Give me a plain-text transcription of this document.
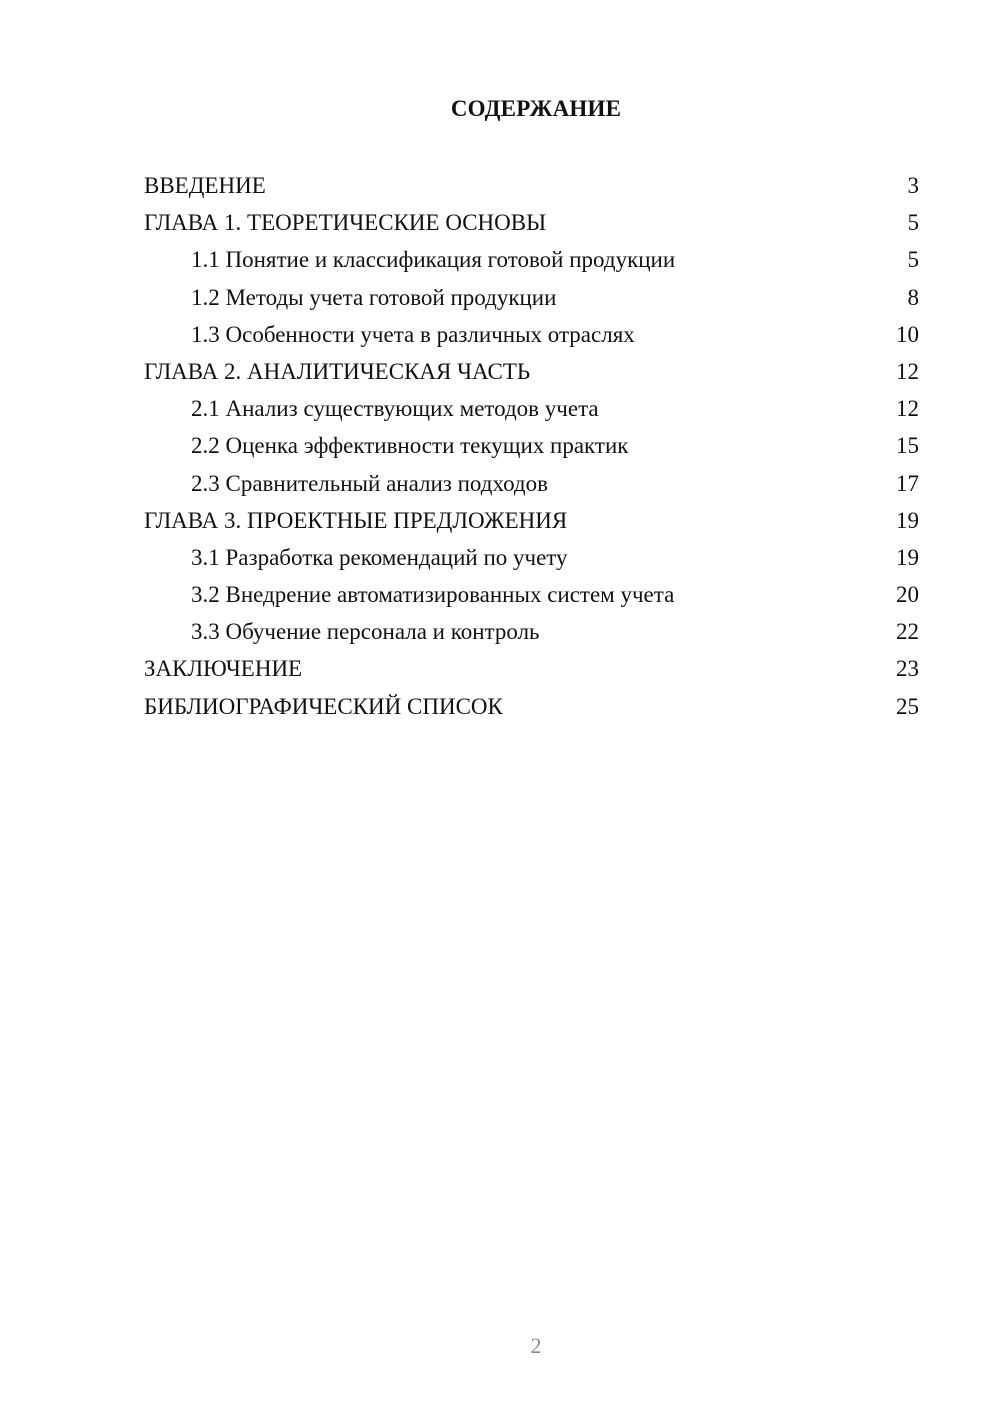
СОДЕРЖАНИЕ
ВВЕДЕНИЕ	3
ГЛАВА 1. ТЕОРЕТИЧЕСКИЕ ОСНОВЫ	5
1.1 Понятие и классификация готовой продукции	5
1.2 Методы учета готовой продукции	8
1.3 Особенности учета в различных отраслях	10
ГЛАВА 2. АНАЛИТИЧЕСКАЯ ЧАСТЬ	12
2.1 Анализ существующих методов учета	12
2.2 Оценка эффективности текущих практик	15
2.3 Сравнительный анализ подходов	17
ГЛАВА 3. ПРОЕКТНЫЕ ПРЕДЛОЖЕНИЯ	19
3.1 Разработка рекомендаций по учету	19
3.2 Внедрение автоматизированных систем учета	20
3.3 Обучение персонала и контроль	22
ЗАКЛЮЧЕНИЕ	23
БИБЛИОГРАФИЧЕСКИЙ СПИСОК	25
2
